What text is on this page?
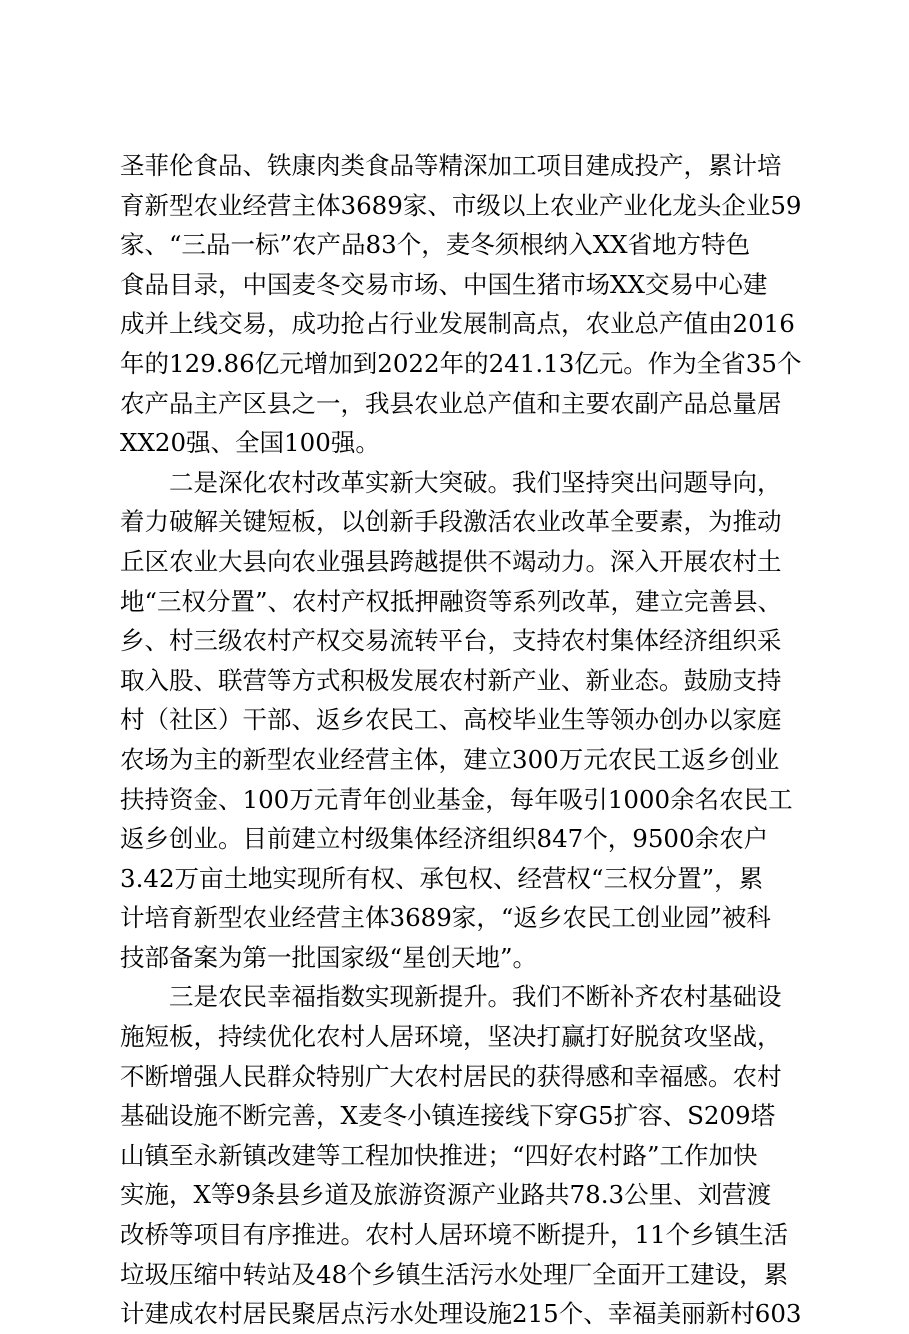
圣菲伦食品、铁康肉类食品等精深加工项目建成投产，累计培
育新型农业经营主体3689家、市级以上农业产业化龙头企业59
家、“三品一标”农产品83个，麦冬须根纳入XX省地方特色
食品目录，中国麦冬交易市场、中国生猪市场XX交易中心建
成并上线交易，成功抢占行业发展制高点，农业总产值由2016
年的129.86亿元增加到2022年的241.13亿元。作为全省35个
农产品主产区县之一，我县农业总产值和主要农副产品总量居
XX20强、全国100强。
二是深化农村改革实新大突破。我们坚持突出问题导向，
着力破解关键短板，以创新手段激活农业改革全要素，为推动
丘区农业大县向农业强县跨越提供不竭动力。深入开展农村土
地“三权分置”、农村产权抵押融资等系列改革，建立完善县、
乡、村三级农村产权交易流转平台，支持农村集体经济组织采
取入股、联营等方式积极发展农村新产业、新业态。鼓励支持
村（社区）干部、返乡农民工、高校毕业生等领办创办以家庭
农场为主的新型农业经营主体，建立300万元农民工返乡创业
扶持资金、100万元青年创业基金，每年吸引1000余名农民工
返乡创业。目前建立村级集体经济组织847个，9500余农户
3.42万亩土地实现所有权、承包权、经营权“三权分置”，累
计培育新型农业经营主体3689家，“返乡农民工创业园”被科
技部备案为第一批国家级“星创天地”。
三是农民幸福指数实现新提升。我们不断补齐农村基础设
施短板，持续优化农村人居环境，坚决打赢打好脱贫攻坚战，
不断增强人民群众特别广大农村居民的获得感和幸福感。农村
基础设施不断完善，X麦冬小镇连接线下穿G5扩容、S209塔
山镇至永新镇改建等工程加快推进；“四好农村路”工作加快
实施，X等9条县乡道及旅游资源产业路共78.3公里、刘营渡
改桥等项目有序推进。农村人居环境不断提升，11个乡镇生活
垃圾压缩中转站及48个乡镇生活污水处理厂全面开工建设，累
计建成农村居民聚居点污水处理设施215个、幸福美丽新村603
